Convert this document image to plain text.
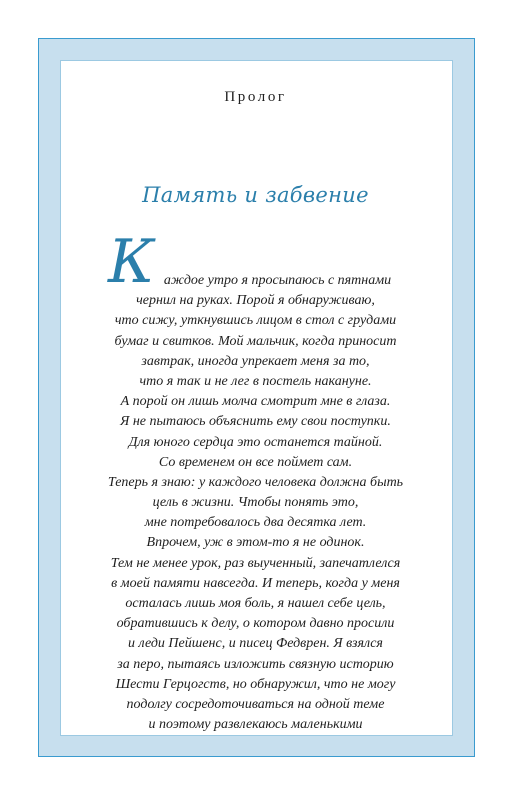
Пролог
Память и забвение
К аждое утро я просыпаюсь с пятнами
чернил на руках. Порой я обнаруживаю,
что сижу, уткнувшись лицом в стол с грудами
бумаг и свитков. Мой мальчик, когда приносит
завтрак, иногда упрекает меня за то,
что я так и не лег в постель накануне.
А порой он лишь молча смотрит мне в глаза.
Я не пытаюсь объяснить ему свои поступки.
Для юного сердца это останется тайной.
Со временем он все поймет сам.
Теперь я знаю: у каждого человека должна быть
цель в жизни. Чтобы понять это,
мне потребовалось два десятка лет.
Впрочем, уж в этом-то я не одинок.
Тем не менее урок, раз выученный, запечатлелся
в моей памяти навсегда. И теперь, когда у меня
осталась лишь моя боль, я нашел себе цель,
обратившись к делу, о котором давно просили
и леди Пейшенс, и писец Федврен. Я взялся
за перо, пытаясь изложить связную историю
Шести Герцогств, но обнаружил, что не могу
подолгу сосредоточиваться на одной теме
и поэтому развлекаюсь маленькими
